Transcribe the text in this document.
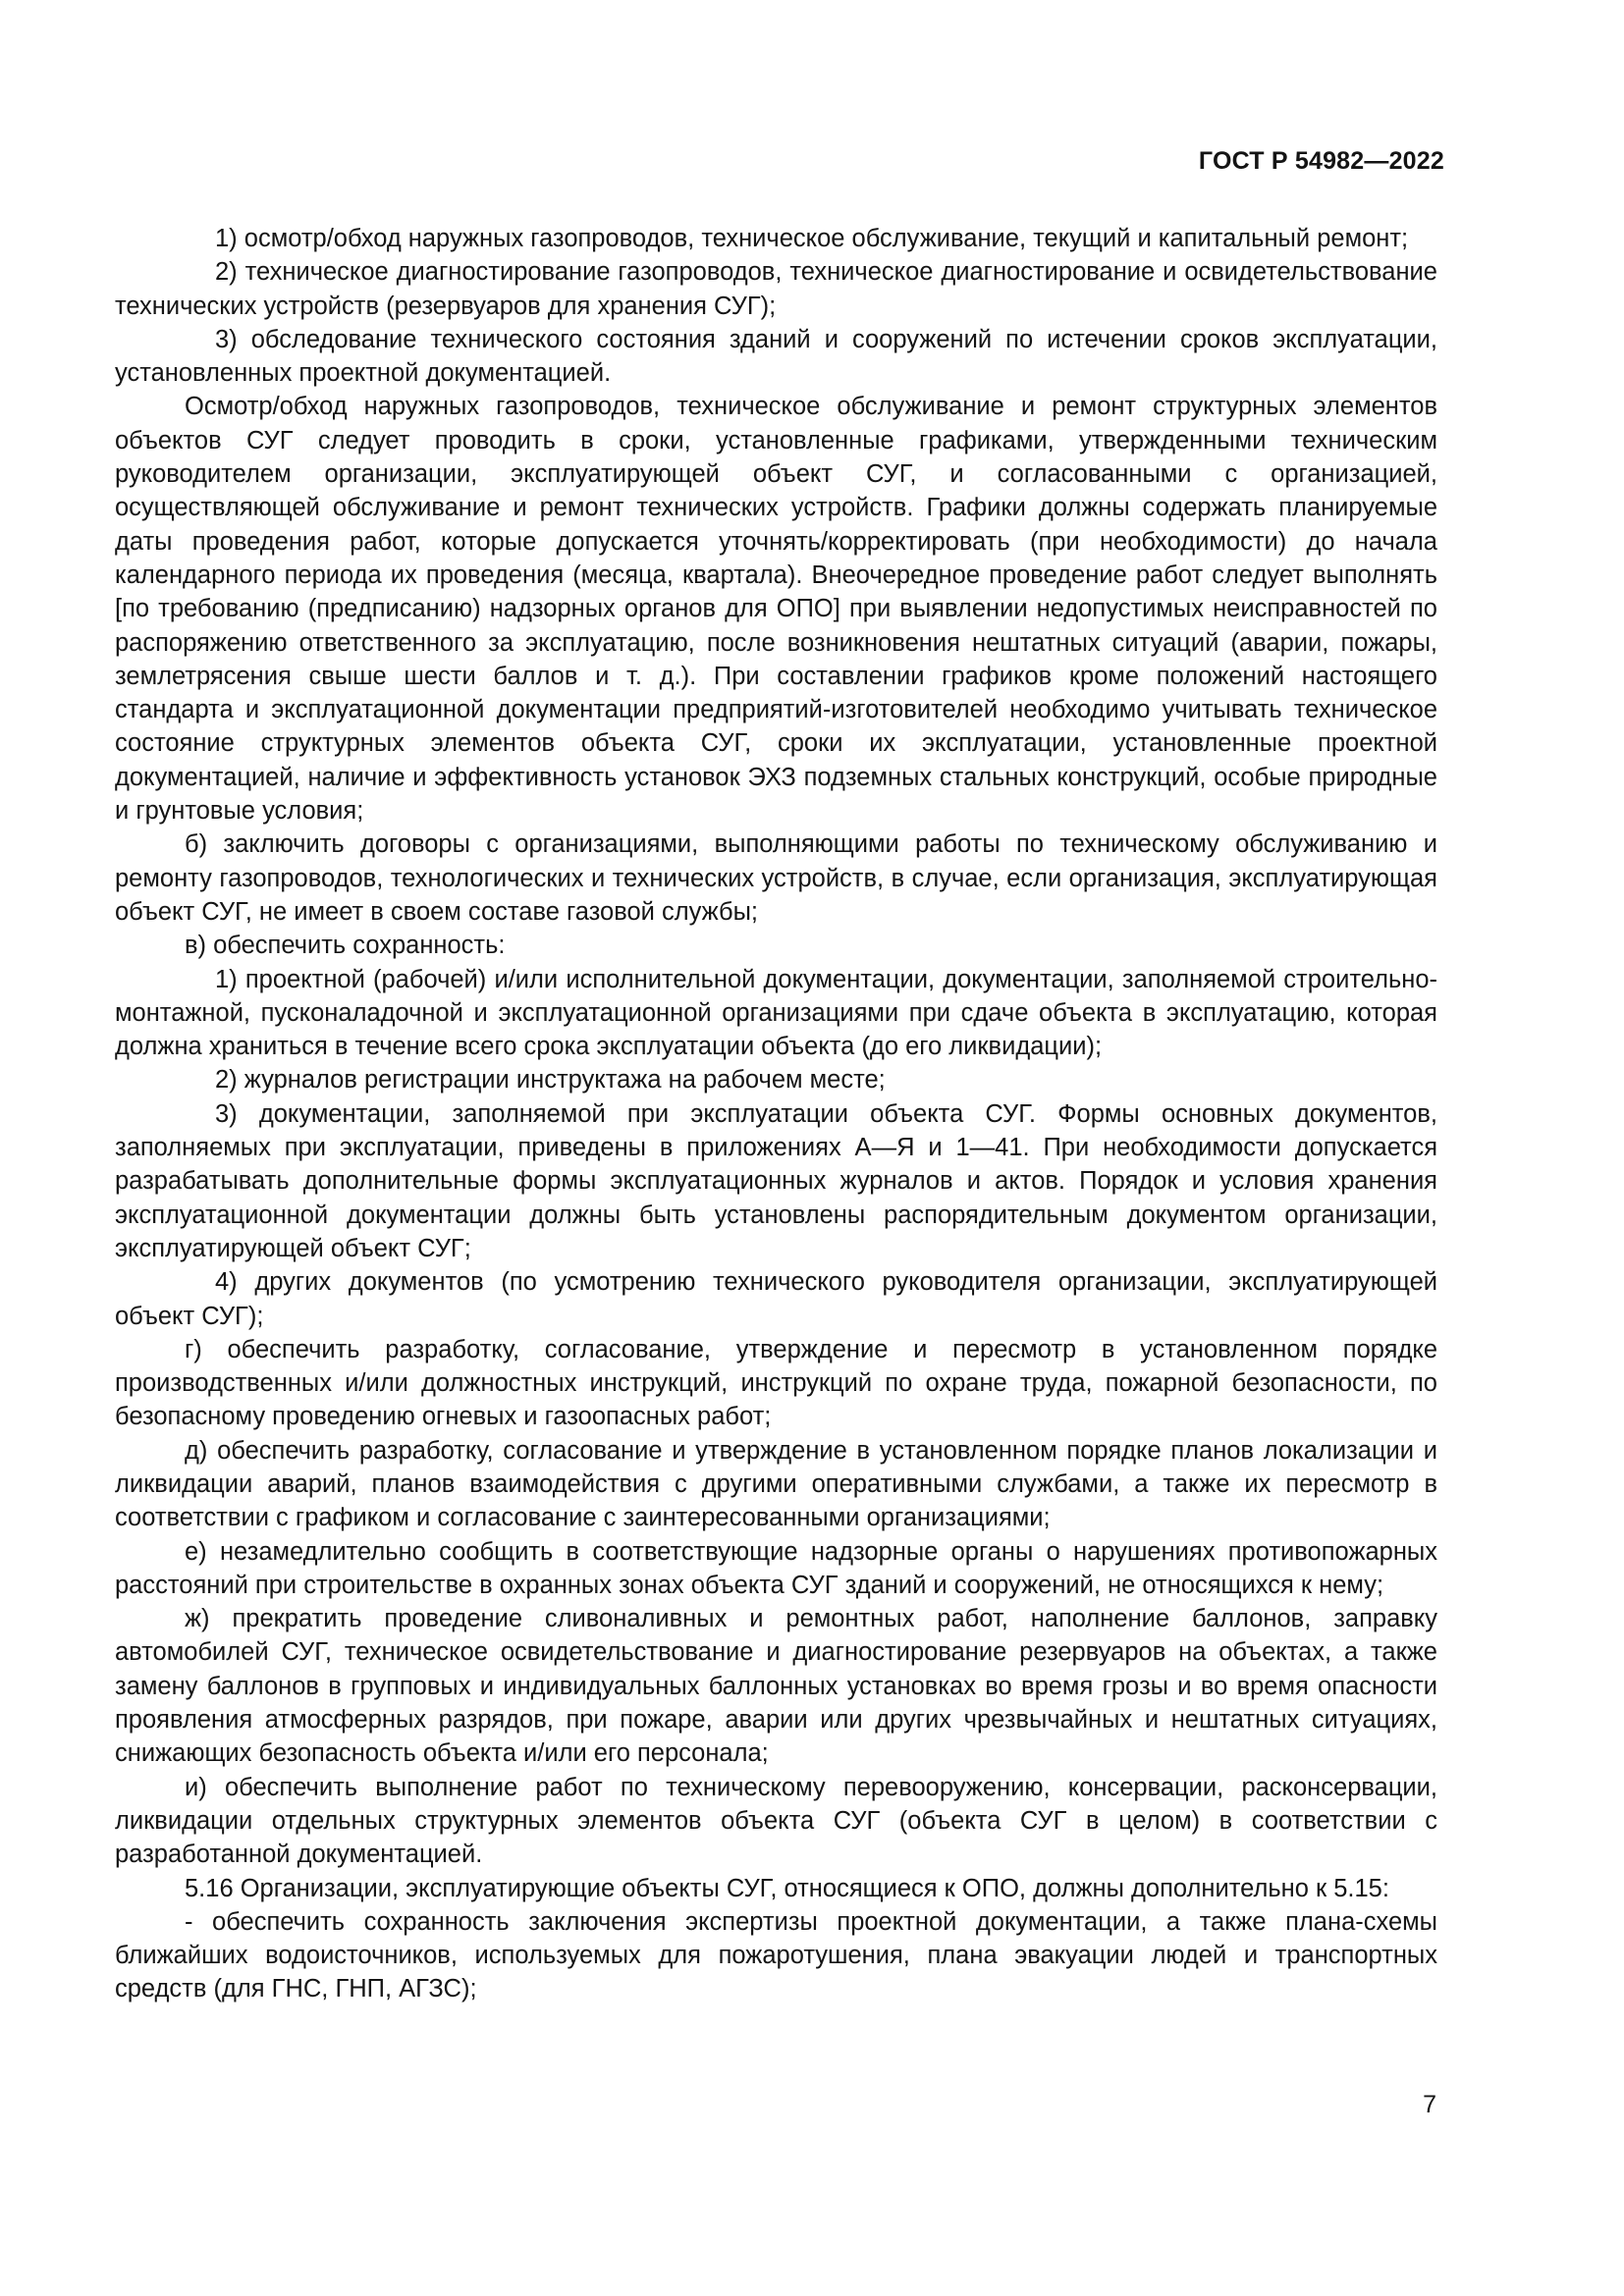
ГОСТ Р 54982—2022

1) осмотр/обход наружных газопроводов, техническое обслуживание, текущий и капитальный ремонт;

2) техническое диагностирование газопроводов, техническое диагностирование и освидетельствование технических устройств (резервуаров для хранения СУГ);

3) обследование технического состояния зданий и сооружений по истечении сроков эксплуатации, установленных проектной документацией.

Осмотр/обход наружных газопроводов, техническое обслуживание и ремонт структурных элементов объектов СУГ следует проводить в сроки, установленные графиками, утвержденными техническим руководителем организации, эксплуатирующей объект СУГ, и согласованными с организацией, осуществляющей обслуживание и ремонт технических устройств. Графики должны содержать планируемые даты проведения работ, которые допускается уточнять/корректировать (при необходимости) до начала календарного периода их проведения (месяца, квартала). Внеочередное проведение работ следует выполнять [по требованию (предписанию) надзорных органов для ОПО] при выявлении недопустимых неисправностей по распоряжению ответственного за эксплуатацию, после возникновения нештатных ситуаций (аварии, пожары, землетрясения свыше шести баллов и т. д.). При составлении графиков кроме положений настоящего стандарта и эксплуатационной документации предприятий-изготовителей необходимо учитывать техническое состояние структурных элементов объекта СУГ, сроки их эксплуатации, установленные проектной документацией, наличие и эффективность установок ЭХЗ подземных стальных конструкций, особые природные и грунтовые условия;

б) заключить договоры с организациями, выполняющими работы по техническому обслуживанию и ремонту газопроводов, технологических и технических устройств, в случае, если организация, эксплуатирующая объект СУГ, не имеет в своем составе газовой службы;

в) обеспечить сохранность:

1) проектной (рабочей) и/или исполнительной документации, документации, заполняемой строительно-монтажной, пусконаладочной и эксплуатационной организациями при сдаче объекта в эксплуатацию, которая должна храниться в течение всего срока эксплуатации объекта (до его ликвидации);

2) журналов регистрации инструктажа на рабочем месте;

3) документации, заполняемой при эксплуатации объекта СУГ. Формы основных документов, заполняемых при эксплуатации, приведены в приложениях А—Я и 1—41. При необходимости допускается разрабатывать дополнительные формы эксплуатационных журналов и актов. Порядок и условия хранения эксплуатационной документации должны быть установлены распорядительным документом организации, эксплуатирующей объект СУГ;

4) других документов (по усмотрению технического руководителя организации, эксплуатирующей объект СУГ);

г) обеспечить разработку, согласование, утверждение и пересмотр в установленном порядке производственных и/или должностных инструкций, инструкций по охране труда, пожарной безопасности, по безопасному проведению огневых и газоопасных работ;

д) обеспечить разработку, согласование и утверждение в установленном порядке планов локализации и ликвидации аварий, планов взаимодействия с другими оперативными службами, а также их пересмотр в соответствии с графиком и согласование с заинтересованными организациями;

е) незамедлительно сообщить в соответствующие надзорные органы о нарушениях противопожарных расстояний при строительстве в охранных зонах объекта СУГ зданий и сооружений, не относящихся к нему;

ж) прекратить проведение сливоналивных и ремонтных работ, наполнение баллонов, заправку автомобилей СУГ, техническое освидетельствование и диагностирование резервуаров на объектах, а также замену баллонов в групповых и индивидуальных баллонных установках во время грозы и во время опасности проявления атмосферных разрядов, при пожаре, аварии или других чрезвычайных и нештатных ситуациях, снижающих безопасность объекта и/или его персонала;

и) обеспечить выполнение работ по техническому перевооружению, консервации, расконсервации, ликвидации отдельных структурных элементов объекта СУГ (объекта СУГ в целом) в соответствии с разработанной документацией.

5.16 Организации, эксплуатирующие объекты СУГ, относящиеся к ОПО, должны дополнительно к 5.15:

- обеспечить сохранность заключения экспертизы проектной документации, а также плана-схемы ближайших водоисточников, используемых для пожаротушения, плана эвакуации людей и транспортных средств (для ГНС, ГНП, АГЗС);

7
